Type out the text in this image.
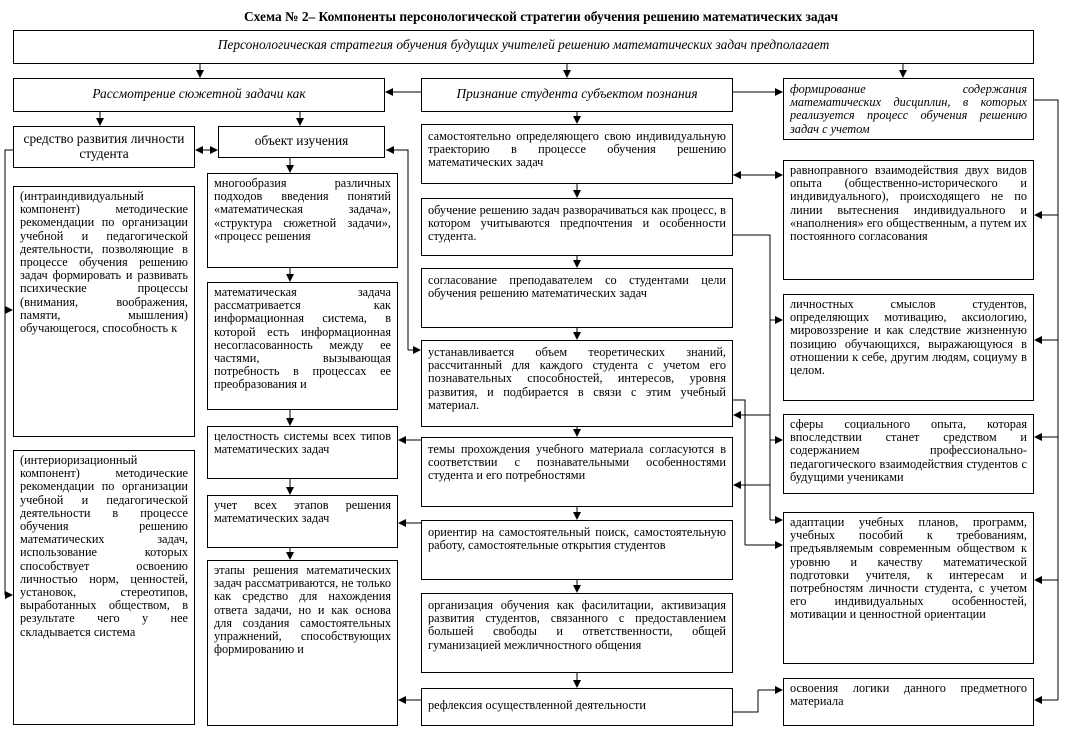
Схема № 2– Компоненты персонологической стратегии обучения решению математических задач
Персонологическая стратегия обучения будущих учителей решению математических задач предполагает
Рассмотрение сюжетной задачи как	Признание студента субъектом познания	формирование содержания математических дисциплин, в которых реализуется процесс обучения решению задач с учетом
средство развития личности студента
(интраиндивидуальный компонент) методические рекомендации по организации учебной и педагогической деятельности, позволяющие в процессе обучения решению задач формировать и развивать психические процессы (внимания, воображения, памяти, мышления) обучающегося, способность к
(интериоризационный компонент) методические рекомендации по организации учебной и педагогической деятельности в процессе обучения решению математических задач, использование которых способствует освоению личностью норм, ценностей, установок, стереотипов, выработанных обществом, в результате чего у нее складывается система
объект изучения
многообразия различных подходов введения понятий «математическая задача», «структура сюжетной задачи», «процесс решения
математическая задача рассматривается как информационная система, в которой есть информационная несогласованность между ее частями, вызывающая потребность в процессах ее преобразования и
целостность системы всех типов математических задач
учет всех этапов решения математических задач
этапы решения математических задач рассматриваются, не только как средство для нахождения ответа задачи, но и как основа для создания самостоятельных упражнений, способствующих формированию и
самостоятельно определяющего свою индивидуальную траекторию в процессе обучения решению математических задач
обучение решению задач разворачиваться как процесс, в котором учитываются предпочтения и особенности студента.
согласование преподавателем со студентами цели обучения решению математических задач
устанавливается объем теоретических знаний, рассчитанный для каждого студента с учетом его познавательных способностей, интересов, уровня развития, и подбирается в связи с этим учебный материал.
темы прохождения учебного материала согласуются в соответствии с познавательными особенностями студента и его потребностями
ориентир на самостоятельный поиск, самостоятельную работу, самостоятельные открытия студентов
организация обучения как фасилитации, активизация развития студентов, связанного с предоставлением большей свободы и ответственности, общей гуманизацией межличностного общения
рефлексия осуществленной деятельности
равноправного взаимодействия двух видов опыта (общественно-исторического и индивидуального), происходящего не по линии вытеснения индивидуального и «наполнения» его общественным, а путем их постоянного согласования
личностных смыслов студентов, определяющих мотивацию, аксиологию, мировоззрение и как следствие жизненную позицию обучающихся, выражающуюся в отношении к себе, другим людям, социуму в целом.
сферы социального опыта, которая впоследствии станет средством и содержанием профессионально-педагогического взаимодействия студентов с будущими учениками
адаптации учебных планов, программ, учебных пособий к требованиям, предъявляемым современным обществом к уровню и качеству математической подготовки учителя, к интересам и потребностям личности студента, с учетом его индивидуальных особенностей, мотивации и ценностной ориентации
освоения логики данного предметного материала
